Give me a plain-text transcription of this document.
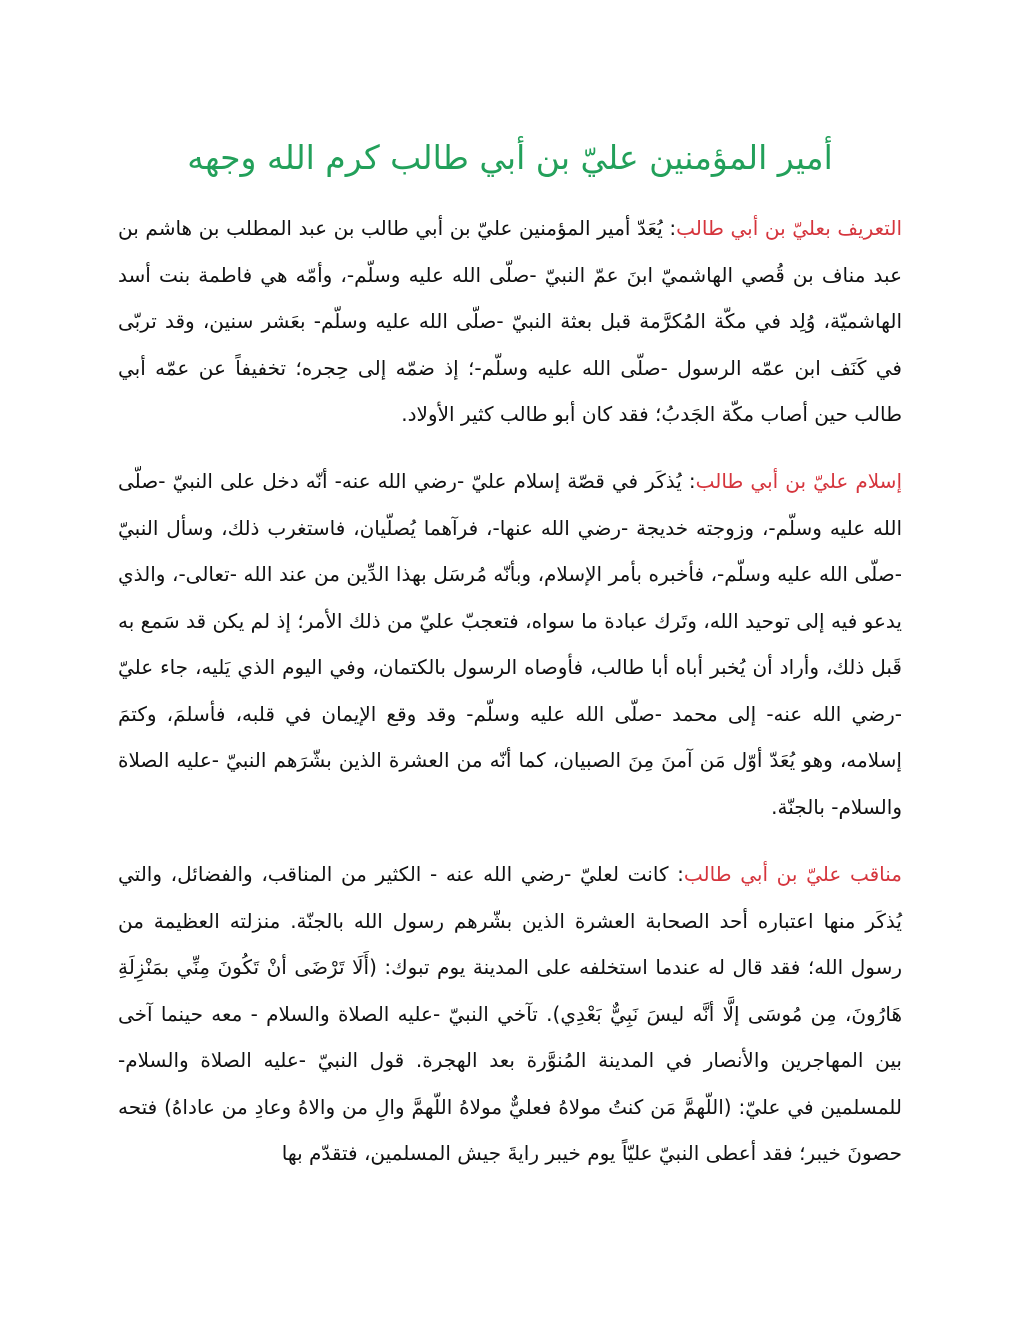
أمير المؤمنين عليّ بن أبي طالب كرم الله وجهه

التعريف بعليّ بن أبي طالب: يُعَدّ أمير المؤمنين عليّ بن أبي طالب بن عبد المطلب بن هاشم بن عبد مناف بن قُصي الهاشميّ ابنَ عمّ النبيّ -صلّى الله عليه وسلّم-، وأمّه هي فاطمة بنت أسد الهاشميّة، وُلِد في مكّة المُكرَّمة قبل بعثة النبيّ -صلّى الله عليه وسلّم- بعَشر سنين، وقد تربّى في كَنَف ابن عمّه الرسول -صلّى الله عليه وسلّم-؛ إذ ضمّه إلى حِجره؛ تخفيفاً عن عمّه أبي طالب حين أصاب مكّة الجَدبُ؛ فقد كان أبو طالب كثير الأولاد.

إسلام عليّ بن أبي طالب: يُذكَر في قصّة إسلام عليّ -رضي الله عنه- أنّه دخل على النبيّ -صلّى الله عليه وسلّم-، وزوجته خديجة -رضي الله عنها-، فرآهما يُصلّيان، فاستغرب ذلك، وسأل النبيّ -صلّى الله عليه وسلّم-، فأخبره بأمر الإسلام، وبأنّه مُرسَل بهذا الدِّين من عند الله -تعالى-، والذي يدعو فيه إلى توحيد الله، وتَرك عبادة ما سواه، فتعجبّ عليّ من ذلك الأمر؛ إذ لم يكن قد سَمع به قَبل ذلك، وأراد أن يُخبر أباه أبا طالب، فأوصاه الرسول بالكتمان، وفي اليوم الذي يَليه، جاء عليّ -رضي الله عنه- إلى محمد -صلّى الله عليه وسلّم- وقد وقع الإيمان في قلبه، فأسلمَ، وكتمَ إسلامه، وهو يُعَدّ أوّل مَن آمنَ مِنَ الصبيان، كما أنّه من العشرة الذين بشّرَهم النبيّ -عليه الصلاة والسلام- بالجنّة.

مناقب عليّ بن أبي طالب: كانت لعليّ -رضي الله عنه - الكثير من المناقب، والفضائل، والتي يُذكَر منها اعتباره أحد الصحابة العشرة الذين بشّرهم رسول الله بالجنّة. منزلته العظيمة من رسول الله؛ فقد قال له عندما استخلفه على المدينة يوم تبوك: (أَلَا تَرْضَى أنْ تَكُونَ مِنِّي بمَنْزِلَةِ هَارُونَ، مِن مُوسَى إلَّا أنَّه ليسَ نَبِيٌّ بَعْدِي). تآخي النبيّ -عليه الصلاة والسلام - معه حينما آخى بين المهاجرين والأنصار في المدينة المُنوَّرة بعد الهجرة. قول النبيّ -عليه الصلاة والسلام- للمسلمين في عليّ: (اللّهمَّ مَن كنتُ مولاهُ فعليٌّ مولاهُ اللّهمَّ والِ من والاهُ وعادِ من عاداهُ) فتحه حصونَ خيبر؛ فقد أعطى النبيّ عليّاً يوم خيبر رايةَ جيش المسلمين، فتقدّم بها
